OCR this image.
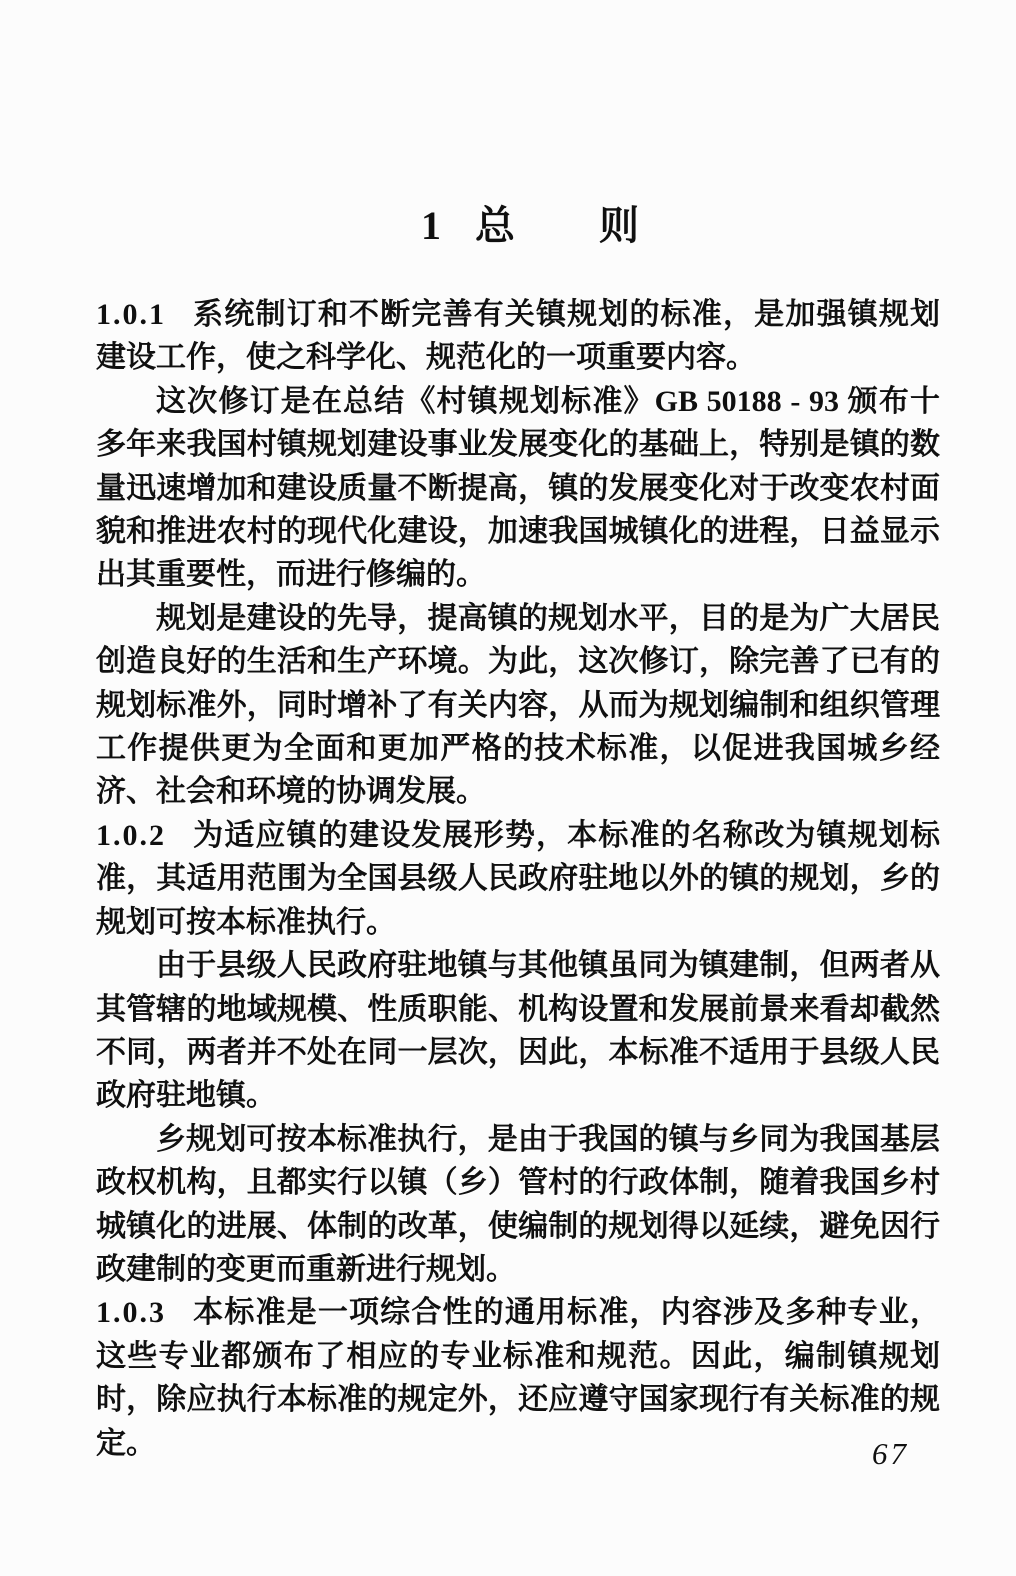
1 总则

1.0.1 系统制订和不断完善有关镇规划的标准，是加强镇规划建设工作，使之科学化、规范化的一项重要内容。

这次修订是在总结《村镇规划标准》GB 50188 - 93 颁布十多年来我国村镇规划建设事业发展变化的基础上，特别是镇的数量迅速增加和建设质量不断提高，镇的发展变化对于改变农村面貌和推进农村的现代化建设，加速我国城镇化的进程，日益显示出其重要性，而进行修编的。

规划是建设的先导，提高镇的规划水平，目的是为广大居民创造良好的生活和生产环境。为此，这次修订，除完善了已有的规划标准外，同时增补了有关内容，从而为规划编制和组织管理工作提供更为全面和更加严格的技术标准，以促进我国城乡经济、社会和环境的协调发展。

1.0.2 为适应镇的建设发展形势，本标准的名称改为镇规划标准，其适用范围为全国县级人民政府驻地以外的镇的规划，乡的规划可按本标准执行。

由于县级人民政府驻地镇与其他镇虽同为镇建制，但两者从其管辖的地域规模、性质职能、机构设置和发展前景来看却截然不同，两者并不处在同一层次，因此，本标准不适用于县级人民政府驻地镇。

乡规划可按本标准执行，是由于我国的镇与乡同为我国基层政权机构，且都实行以镇（乡）管村的行政体制，随着我国乡村城镇化的进展、体制的改革，使编制的规划得以延续，避免因行政建制的变更而重新进行规划。

1.0.3 本标准是一项综合性的通用标准，内容涉及多种专业，这些专业都颁布了相应的专业标准和规范。因此，编制镇规划时，除应执行本标准的规定外，还应遵守国家现行有关标准的规定。	67
